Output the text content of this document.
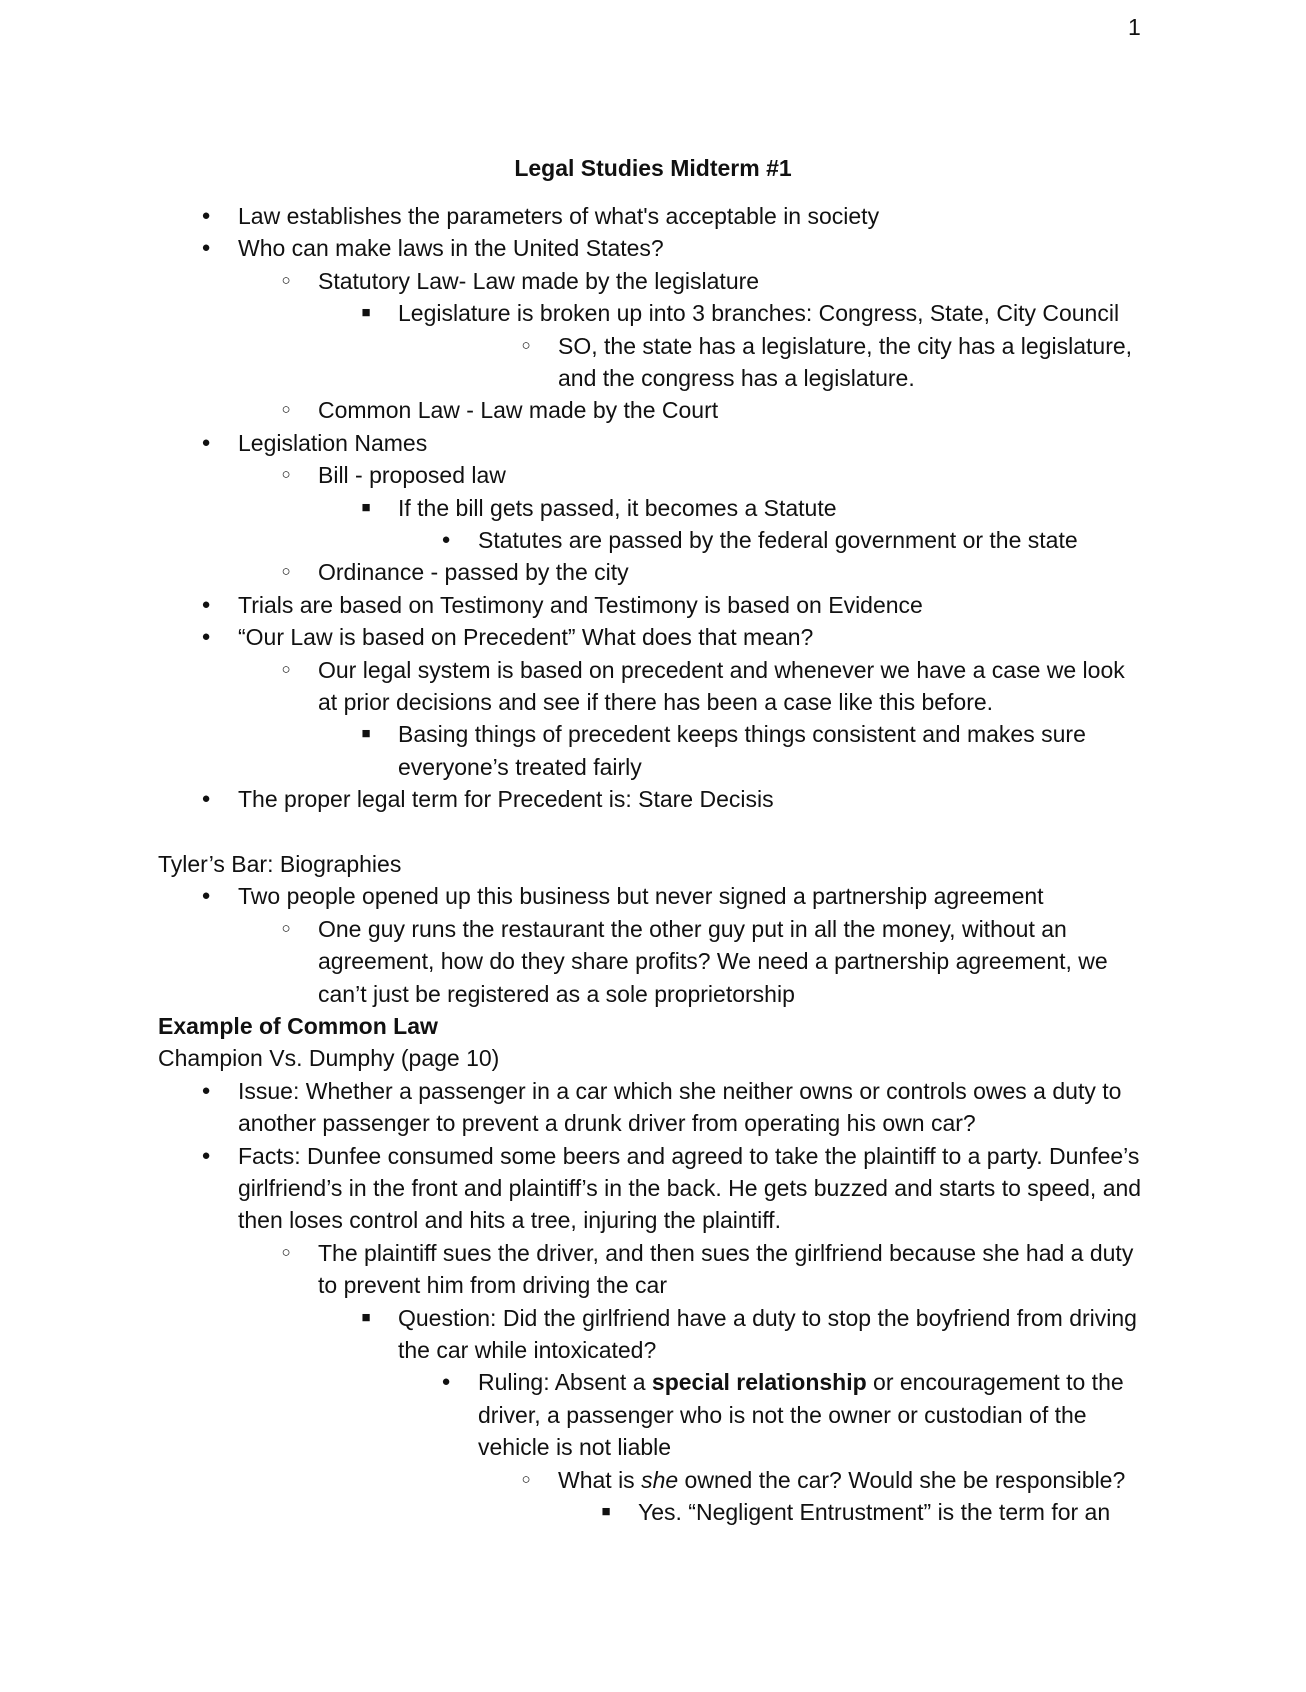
1
Legal Studies Midterm #1
● Law establishes the parameters of what's acceptable in society
● Who can make laws in the United States?
○ Statutory Law- Law made by the legislature
■ Legislature is broken up into 3 branches: Congress, State, City Council
○ SO, the state has a legislature, the city has a legislature,
and the congress has a legislature.
○ Common Law - Law made by the Court
● Legislation Names
○ Bill - proposed law
■ If the bill gets passed, it becomes a Statute
● Statutes are passed by the federal government or the state
○ Ordinance - passed by the city
● Trials are based on Testimony and Testimony is based on Evidence
● “Our Law is based on Precedent” What does that mean?
○ Our legal system is based on precedent and whenever we have a case we look
at prior decisions and see if there has been a case like this before.
■ Basing things of precedent keeps things consistent and makes sure
everyone’s treated fairly
● The proper legal term for Precedent is: Stare Decisis
Tyler’s Bar: Biographies
● Two people opened up this business but never signed a partnership agreement
○ One guy runs the restaurant the other guy put in all the money, without an
agreement, how do they share profits? We need a partnership agreement, we
can’t just be registered as a sole proprietorship
Example of Common Law
Champion Vs. Dumphy (page 10)
● Issue: Whether a passenger in a car which she neither owns or controls owes a duty to
another passenger to prevent a drunk driver from operating his own car?
● Facts: Dunfee consumed some beers and agreed to take the plaintiff to a party. Dunfee’s
girlfriend’s in the front and plaintiff’s in the back. He gets buzzed and starts to speed, and
then loses control and hits a tree, injuring the plaintiff.
○ The plaintiff sues the driver, and then sues the girlfriend because she had a duty
to prevent him from driving the car
■ Question: Did the girlfriend have a duty to stop the boyfriend from driving
the car while intoxicated?
● Ruling: Absent a special relationship or encouragement to the
driver, a passenger who is not the owner or custodian of the
vehicle is not liable
○ What is she owned the car? Would she be responsible?
■ Yes. “Negligent Entrustment” is the term for an
